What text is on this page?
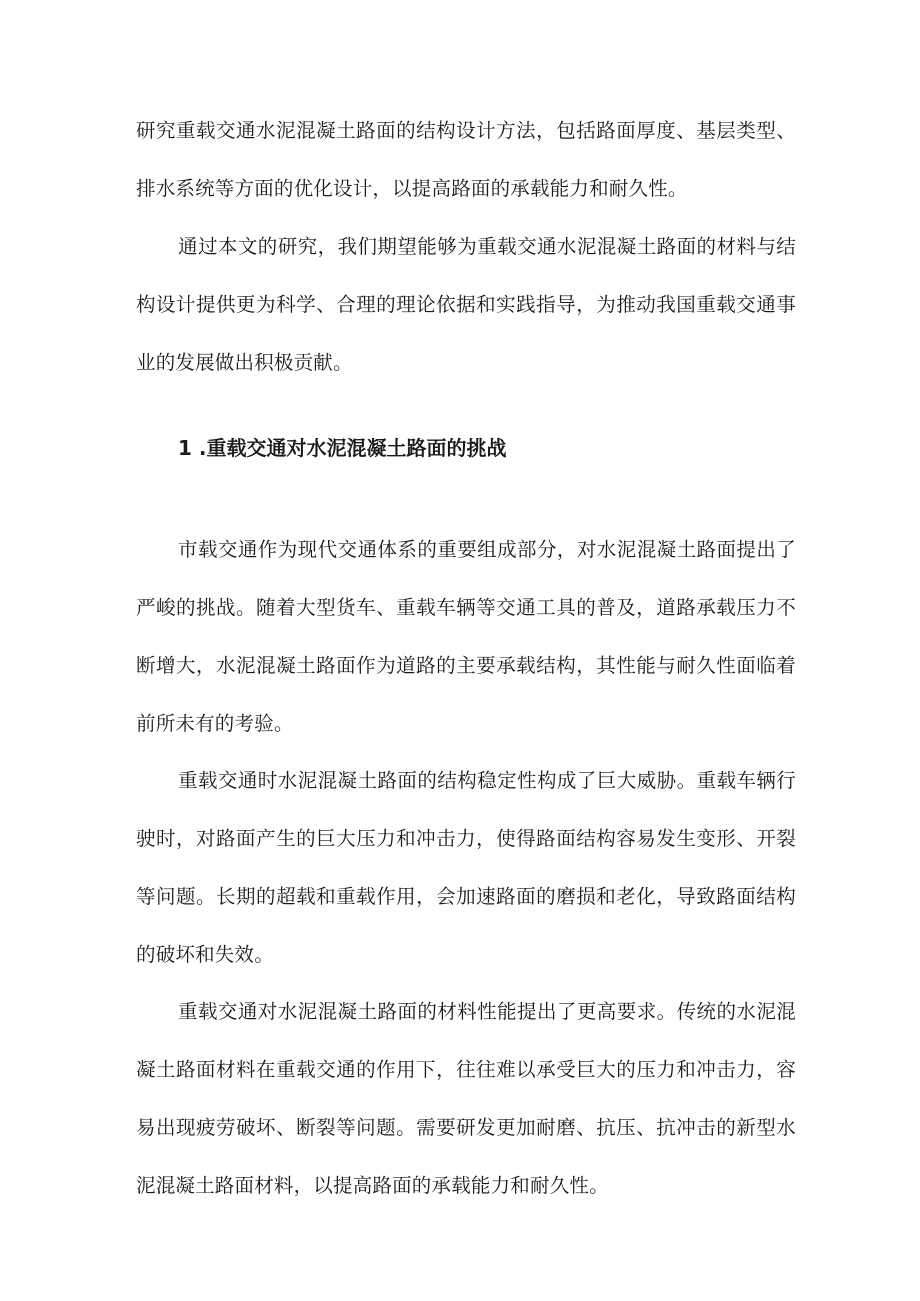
研究重载交通水泥混凝土路面的结构设计方法，包括路面厚度、基层类型、排水系统等方面的优化设计，以提高路面的承载能力和耐久性。

通过本文的研究，我们期望能够为重载交通水泥混凝土路面的材料与结构设计提供更为科学、合理的理论依据和实践指导，为推动我国重载交通事业的发展做出积极贡献。

1 .重载交通对水泥混凝土路面的挑战

市载交通作为现代交通体系的重要组成部分，对水泥混凝土路面提出了严峻的挑战。随着大型货车、重载车辆等交通工具的普及，道路承载压力不断增大，水泥混凝土路面作为道路的主要承载结构，其性能与耐久性面临着前所未有的考验。

重载交通时水泥混凝土路面的结构稳定性构成了巨大威胁。重载车辆行驶时，对路面产生的巨大压力和冲击力，使得路面结构容易发生变形、开裂等问题。长期的超载和重载作用，会加速路面的磨损和老化，导致路面结构的破坏和失效。

重载交通对水泥混凝土路面的材料性能提出了更高要求。传统的水泥混凝土路面材料在重载交通的作用下，往往难以承受巨大的压力和冲击力，容易出现疲劳破坏、断裂等问题。需要研发更加耐磨、抗压、抗冲击的新型水泥混凝土路面材料，以提高路面的承载能力和耐久性。
